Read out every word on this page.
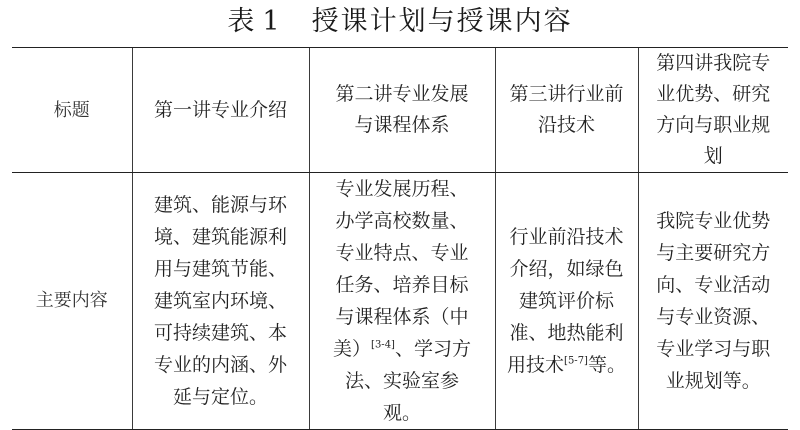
表 1 授课计划与授课内容
标题	第一讲专业介绍	第二讲专业发展与课程体系	第三讲行业前沿技术	第四讲我院专业优势、研究方向与职业规划
主要内容	建筑、能源与环境、建筑能源利用与建筑节能、建筑室内环境、可持续建筑、本专业的内涵、外延与定位。	专业发展历程、办学高校数量、专业特点、专业任务、培养目标与课程体系（中美）[3-4]、学习方法、实验室参观。	行业前沿技术介绍，如绿色建筑评价标准、地热能利用技术[5-7]等。	我院专业优势与主要研究方向、专业活动与专业资源、专业学习与职业规划等。
